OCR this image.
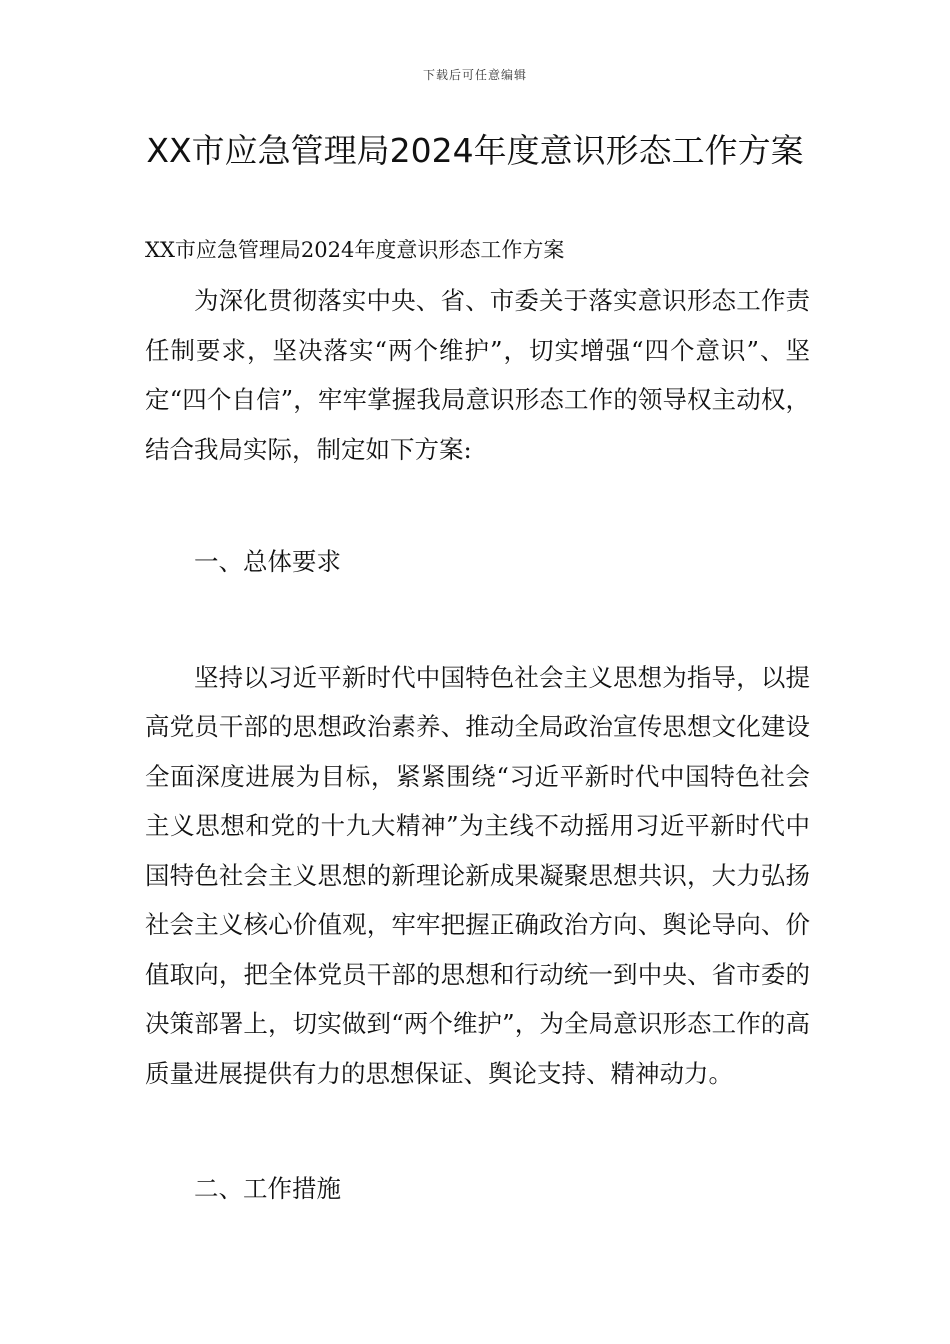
下载后可任意编辑
XX市应急管理局2024年度意识形态工作方案

XX市应急管理局2024年度意识形态工作方案

为深化贯彻落实中央、省、市委关于落实意识形态工作责任制要求，坚决落实“两个维护”，切实增强“四个意识”、坚定“四个自信”，牢牢掌握我局意识形态工作的领导权主动权，结合我局实际，制定如下方案:

一、总体要求

坚持以习近平新时代中国特色社会主义思想为指导，以提高党员干部的思想政治素养、推动全局政治宣传思想文化建设全面深度进展为目标，紧紧围绕“习近平新时代中国特色社会主义思想和党的十九大精神”为主线不动摇用习近平新时代中国特色社会主义思想的新理论新成果凝聚思想共识，大力弘扬社会主义核心价值观，牢牢把握正确政治方向、舆论导向、价值取向，把全体党员干部的思想和行动统一到中央、省市委的决策部署上，切实做到“两个维护”，为全局意识形态工作的高质量进展提供有力的思想保证、舆论支持、精神动力。

二、工作措施
